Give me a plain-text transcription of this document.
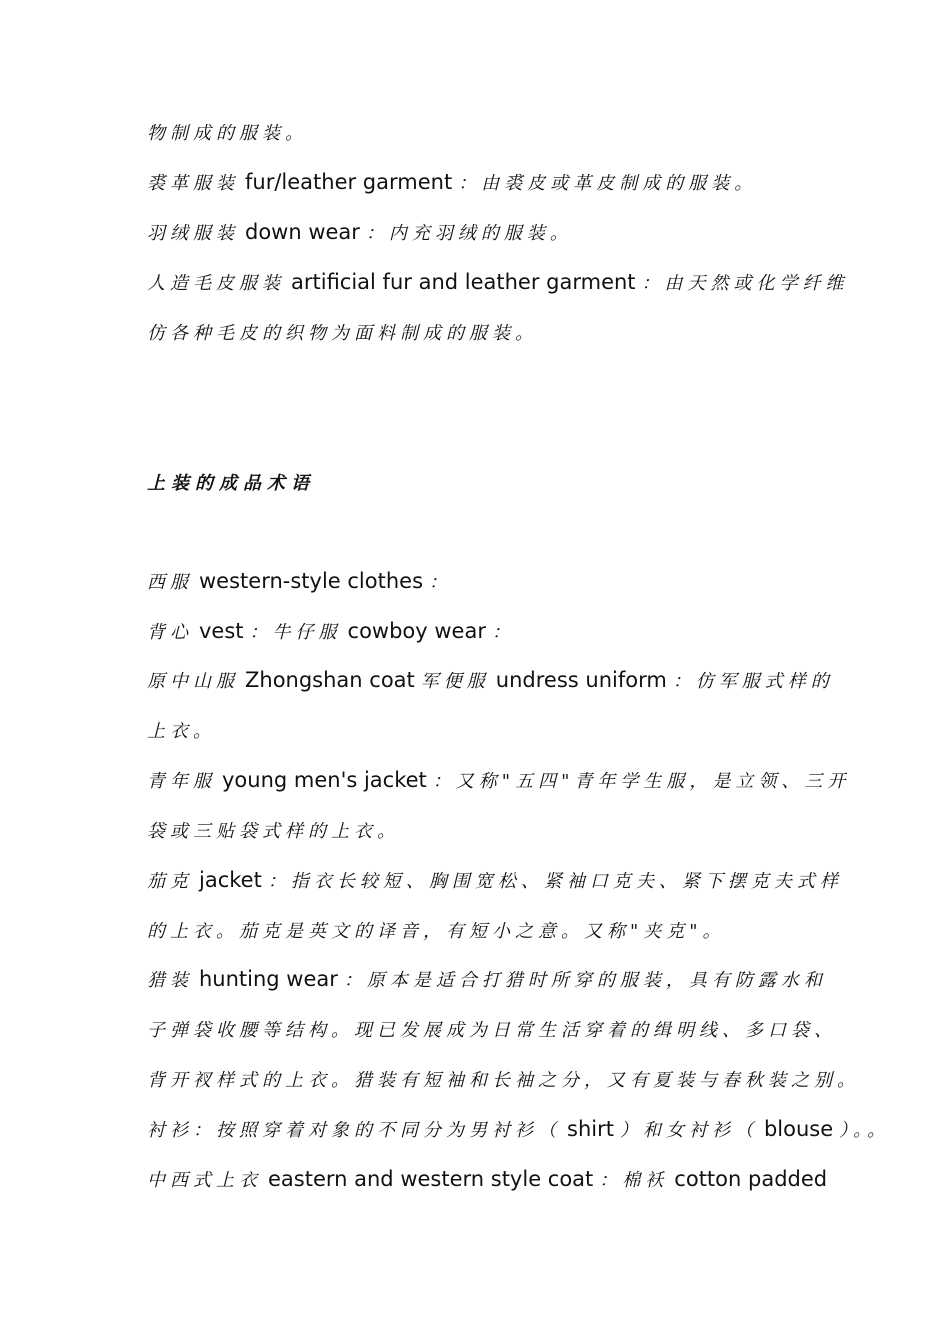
物制成的服装。
裘革服装 fur/leather garment ：由裘皮或革皮制成的服装。
羽绒服装 down wear ：内充羽绒的服装。
人造毛皮服装 artificial fur and leather garment ：由天然或化学纤维
仿各种毛皮的织物为面料制成的服装。
上装的成品术语
西服 western-style clothes ：
背心 vest ：牛仔服 cowboy wear ：
原中山服 Zhongshan coat 军便服 undress uniform ：仿军服式样的
上衣。
青年服 young men's jacket ：又称"五四"青年学生服，是立领、三开
袋或三贴袋式样的上衣。
茄克 jacket ：指衣长较短、胸围宽松、紧袖口克夫、紧下摆克夫式样
的上衣。茄克是英文的译音，有短小之意。又称"夹克"。
猎装 hunting wear ：原本是适合打猎时所穿的服装，具有防露水和
子弹袋收腰等结构。现已发展成为日常生活穿着的缉明线、多口袋、
背开衩样式的上衣。猎装有短袖和长袖之分，又有夏装与春秋装之别。
衬衫：按照穿着对象的不同分为男衬衫（ shirt ）和女衬衫（ blouse ）。。
中西式上衣 eastern and western style coat ：棉袄 cotton padded
